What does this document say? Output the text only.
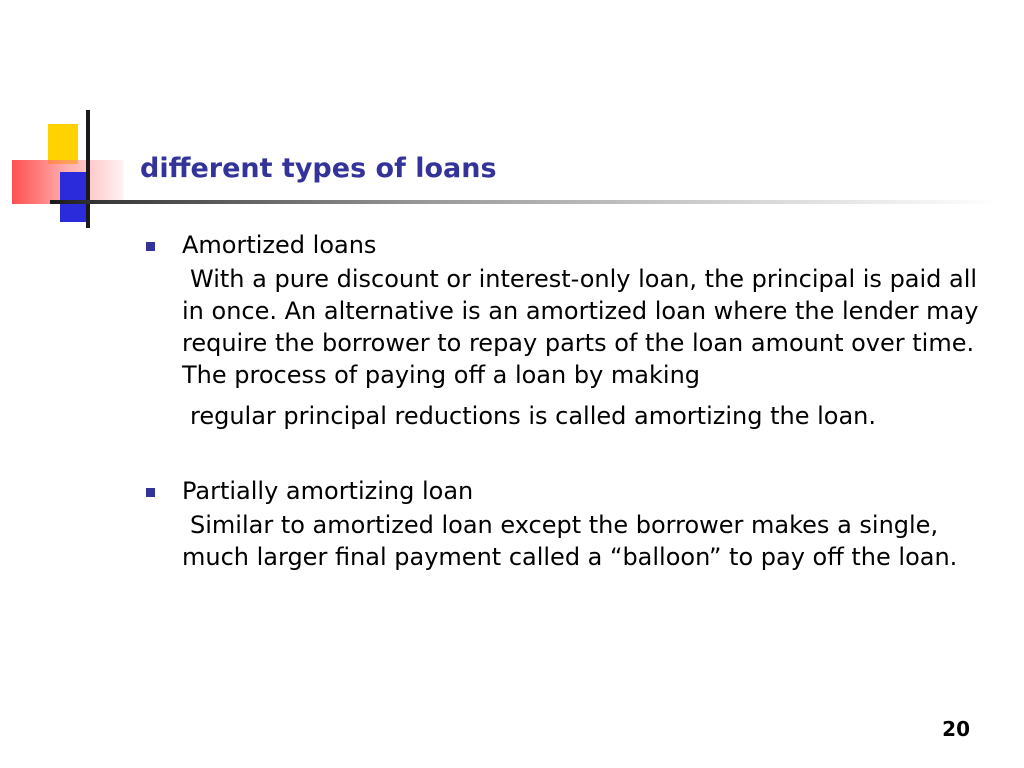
different types of loans
Amortized loans

With a pure discount or interest-only loan, the principal is paid all in once. An alternative is an amortized loan where the lender may require the borrower to repay parts of the loan amount over time. The process of paying off a loan by making

regular principal reductions is called amortizing the loan.

Partially amortizing loan

Similar to amortized loan except the borrower makes a single, much larger final payment called a “balloon” to pay off the loan.

20
